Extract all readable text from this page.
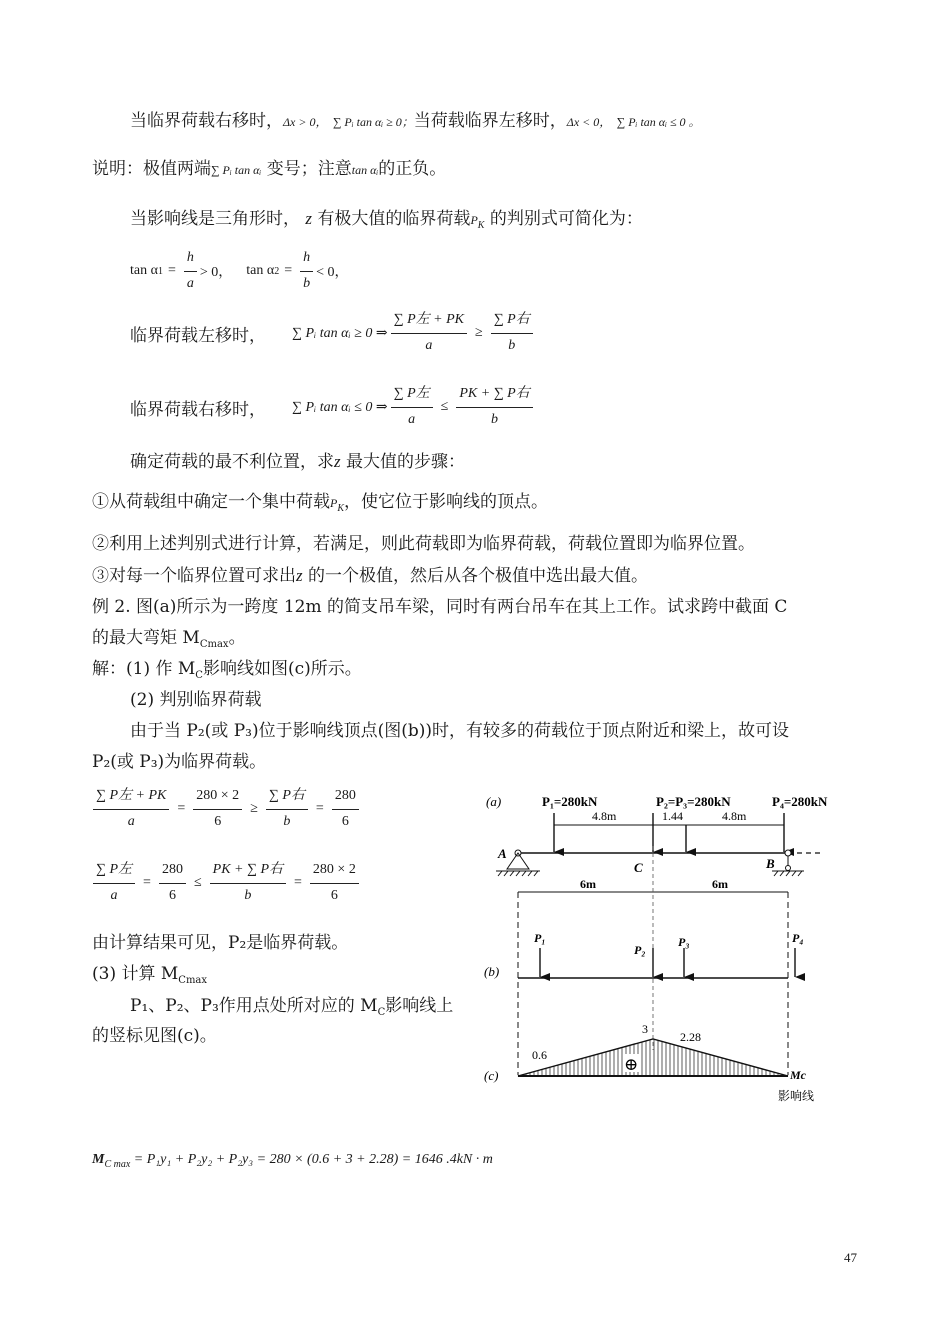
当临界荷载右移时，Δx > 0， ∑ Pᵢ tan αᵢ ≥ 0；当荷载临界左移时，Δx < 0， ∑ Pᵢ tan αᵢ ≤ 0 。
说明：极值两端∑ Pᵢ tan αᵢ 变号；注意tan αᵢ的正负。
当影响线是三角形时， z 有极大值的临界荷载$P_K$ 的判别式可简化为：
tan α $1 = \frac{h}{a} > 0$， tan α $2 = \frac{h}{b} < 0$，
临界荷载左移时，	∑ Pᵢ tan αᵢ ≥ 0 ⇒ $\frac{\text{∑ P左 + PK}}{a} \ge \frac{\text{∑ P右}}{b}$
临界荷载右移时，	∑ Pᵢ tan αᵢ ≤ 0 ⇒ $\frac{\text{∑ P左}}{a} \le \frac{\text{PK + ∑ P右}}{b}$
确定荷载的最不利位置，求z 最大值的步骤：
①从荷载组中确定一个集中荷载$P_K$，使它位于影响线的顶点。
②利用上述判别式进行计算，若满足，则此荷载即为临界荷载，荷载位置即为临界位置。
③对每一个临界位置可求出z 的一个极值，然后从各个极值中选出最大值。
例 2. 图(a)所示为一跨度 12m 的简支吊车梁，同时有两台吊车在其上工作。试求跨中截面 C
的最大弯矩 $M_{Cmax}$。
解：(1) 作 $M_C$影响线如图(c)所示。
(2) 判别临界荷载
由于当 P₂(或 P₃)位于影响线顶点(图(b))时，有较多的荷载位于顶点附近和梁上，故可设
P₂(或 P₃)为临界荷载。
$\frac{\text{∑ P左 + PK}}{a} = \frac{280 \times 2}{6} \ge \frac{\text{∑ P右}}{b} = \frac{280}{6}$
$\frac{\text{∑ P左}}{a} = \frac{280}{6} \le \frac{\text{PK + ∑ P右}}{b} = \frac{280 \times 2}{6}$
由计算结果可见，P₂是临界荷载。
(3) 计算 $M_{Cmax}$
P₁、P₂、P₃作用点处所对应的 $M_C$影响线上
的竖标见图(c)。
(a)	P₁=280kN	P₂=P₃=280kN	P₄=280kN
4.8m	1.44	4.8m
A
B
C
6m	6m
(b)
P₁
P₂
P₃	P₄
(c)
3
2.28
0.6	⊕
Mc
影响线
$M_{C max} = P_1y_1 + P_2y_2 + P_2y_3 = 280 \times (0.6 + 3 + 2.28) = 1646$ .4kN · m
47
